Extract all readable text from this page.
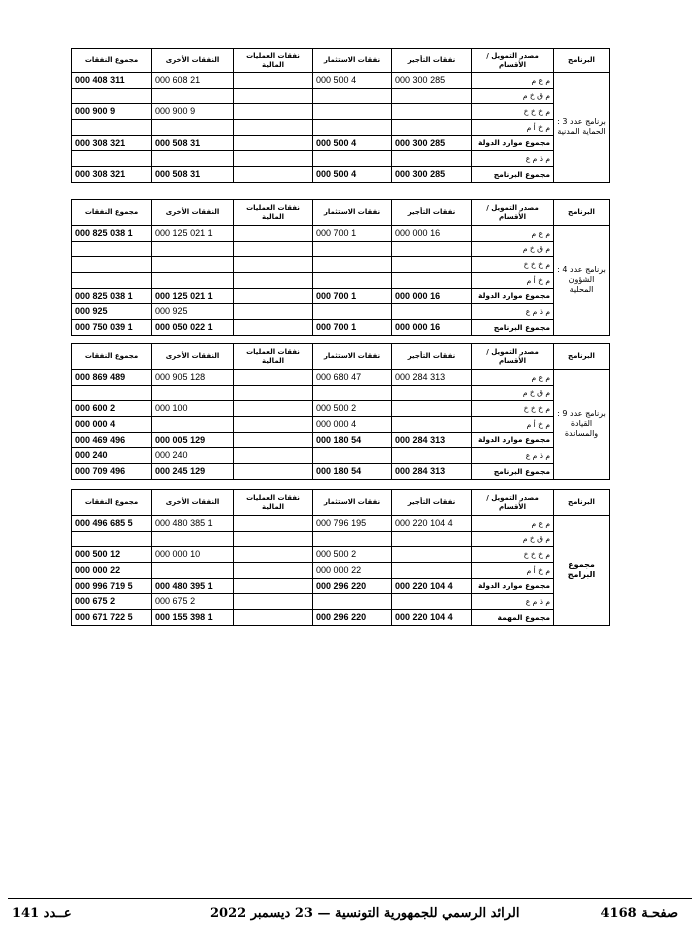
البرنامج	مصدر التمويل / الأقسام	نفقات التأجير	نفقات الاستثمار	نفقات العمليات المالية	النفقات الأخرى	مجموع النفقات
برنامج عدد 3 : الحماية المدنية	م ع م	285 300 000	4 500 000		21 608 000	311 408 000
	م ق خ م					
	م خ خ خ				9 900 000	9 900 000
	م خ أ م					
	مجموع موارد الدولة	285 300 000	4 500 000		31 508 000	321 308 000
	م ذ م ع					
	مجموع البرنامج	285 300 000	4 500 000		31 508 000	321 308 000
البرنامج	مصدر التمويل / الأقسام	نفقات التأجير	نفقات الاستثمار	نفقات العمليات المالية	النفقات الأخرى	مجموع النفقات
برنامج عدد 4 : الشؤون المحلية	م ع م	16 000 000	1 700 000		1 021 125 000	1 038 825 000
	م ق خ م					
	م خ خ خ					
	م خ أ م					
	مجموع موارد الدولة	16 000 000	1 700 000		1 021 125 000	1 038 825 000
	م ذ م ع				925 000	925 000
	مجموع البرنامج	16 000 000	1 700 000		1 022 050 000	1 039 750 000
البرنامج	مصدر التمويل / الأقسام	نفقات التأجير	نفقات الاستثمار	نفقات العمليات المالية	النفقات الأخرى	مجموع النفقات
برنامج عدد 9 : القيادة والمساندة	م ع م	313 284 000	47 680 000		128 905 000	489 869 000
	م ق خ م					
	م خ خ خ		2 500 000		100 000	2 600 000
	م خ أ م		4 000 000			4 000 000
	مجموع موارد الدولة	313 284 000	54 180 000		129 005 000	496 469 000
	م ذ م ع				240 000	240 000
	مجموع البرنامج	313 284 000	54 180 000		129 245 000	496 709 000
البرنامج	مصدر التمويل / الأقسام	نفقات التأجير	نفقات الاستثمار	نفقات العمليات المالية	النفقات الأخرى	مجموع النفقات
مجموع البرامج	م ع م	4 104 220 000	195 796 000		1 385 480 000	5 685 496 000
	م ق خ م					
	م خ خ خ		2 500 000		10 000 000	12 500 000
	م خ أ م		22 000 000			22 000 000
	مجموع موارد الدولة	4 104 220 000	220 296 000		1 395 480 000	5 719 996 000
	م ذ م ع				2 675 000	2 675 000
	مجموع المهمة	4 104 220 000	220 296 000		1 398 155 000	5 722 671 000
صفحـة 4168
الرائد الرسمي للجمهورية التونسية — 23 ديسمبر 2022
عــدد 141
